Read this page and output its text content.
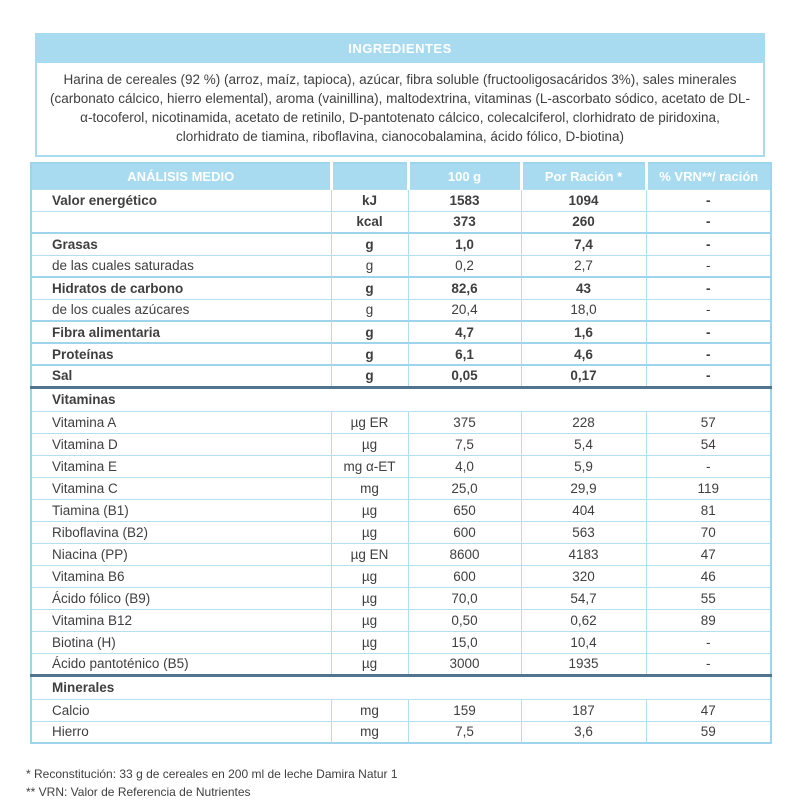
INGREDIENTES
Harina de cereales (92 %) (arroz, maíz, tapioca), azúcar, fibra soluble (fructooligosacáridos 3%), sales minerales (carbonato cálcico, hierro elemental), aroma (vainillina), maltodextrina, vitaminas (L-ascorbato sódico, acetato de DL-α-tocoferol, nicotinamida, acetato de retinilo, D-pantotenato cálcico, colecalciferol, clorhidrato de piridoxina, clorhidrato de tiamina, riboflavina, cianocobalamina, ácido fólico, D-biotina)
ANÁLISIS MEDIO		100 g	Por Ración *	% VRN**/ ración
Valor energético	kJ	1583	1094	-
	kcal	373	260	-
Grasas	g	1,0	7,4	-
de las cuales saturadas	g	0,2	2,7	-
Hidratos de carbono	g	82,6	43	-
de los cuales azúcares	g	20,4	18,0	-
Fibra alimentaria	g	4,7	1,6	-
Proteínas	g	6,1	4,6	-
Sal	g	0,05	0,17	-
Vitaminas				
Vitamina A	µg ER	375	228	57
Vitamina D	µg	7,5	5,4	54
Vitamina E	mg α-ET	4,0	5,9	-
Vitamina C	mg	25,0	29,9	119
Tiamina (B1)	µg	650	404	81
Riboflavina (B2)	µg	600	563	70
Niacina (PP)	µg EN	8600	4183	47
Vitamina B6	µg	600	320	46
Ácido fólico (B9)	µg	70,0	54,7	55
Vitamina B12	µg	0,50	0,62	89
Biotina (H)	µg	15,0	10,4	-
Ácido pantoténico (B5)	µg	3000	1935	-
Minerales				
Calcio	mg	159	187	47
Hierro	mg	7,5	3,6	59
* Reconstitución: 33 g de cereales en 200 ml de leche Damira Natur 1
** VRN: Valor de Referencia de Nutrientes
